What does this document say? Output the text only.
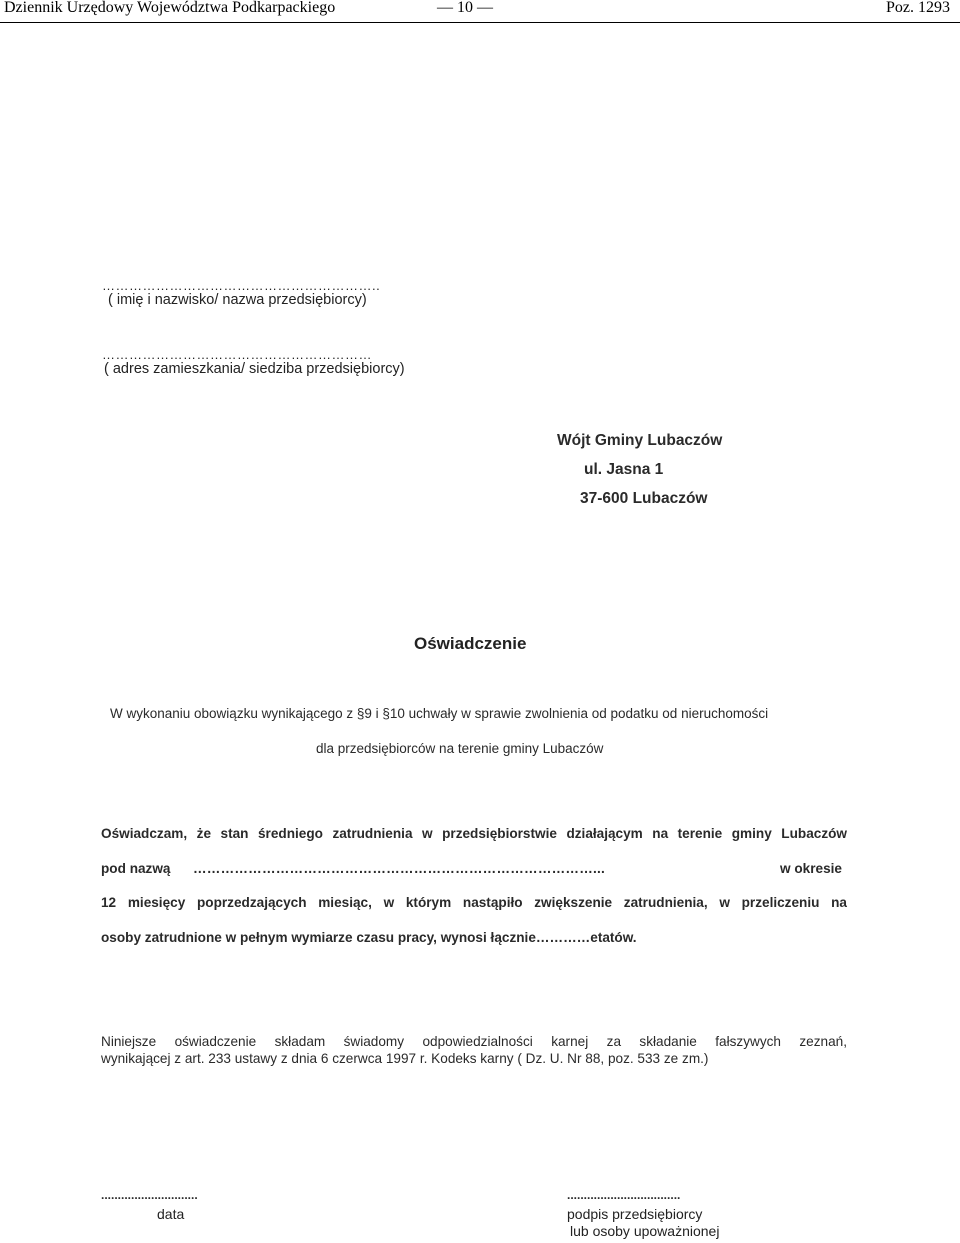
Dziennik Urzędowy Województwa Podkarpackiego	— 10 —	Poz. 1293
……………………………………………………..
( imię i nazwisko/ nazwa przedsiębiorcy)
……………………………………………………
( adres zamieszkania/ siedziba przedsiębiorcy)
Wójt Gminy Lubaczów
ul. Jasna 1
37-600 Lubaczów
Oświadczenie
W wykonaniu obowiązku wynikającego z §9 i §10 uchwały w sprawie zwolnienia od podatku od nieruchomości
dla przedsiębiorców na terenie gminy Lubaczów
Oświadczam, że stan średniego zatrudnienia w przedsiębiorstwie działającym na terenie gminy Lubaczów
pod nazwą ……………………………………………………………………………...	w okresie
12 miesięcy poprzedzających miesiąc, w którym nastąpiło zwiększenie zatrudnienia, w przeliczeniu na
osoby zatrudnione w pełnym wymiarze czasu pracy, wynosi łącznie…………etatów.
Niniejsze oświadczenie składam świadomy odpowiedzialności karnej za składanie fałszywych zeznań,
wynikającej z art. 233 ustawy z dnia 6 czerwca 1997 r. Kodeks karny ( Dz. U. Nr 88, poz. 533 ze zm.)
.............................
data
..................................
podpis przedsiębiorcy
lub osoby upoważnionej
